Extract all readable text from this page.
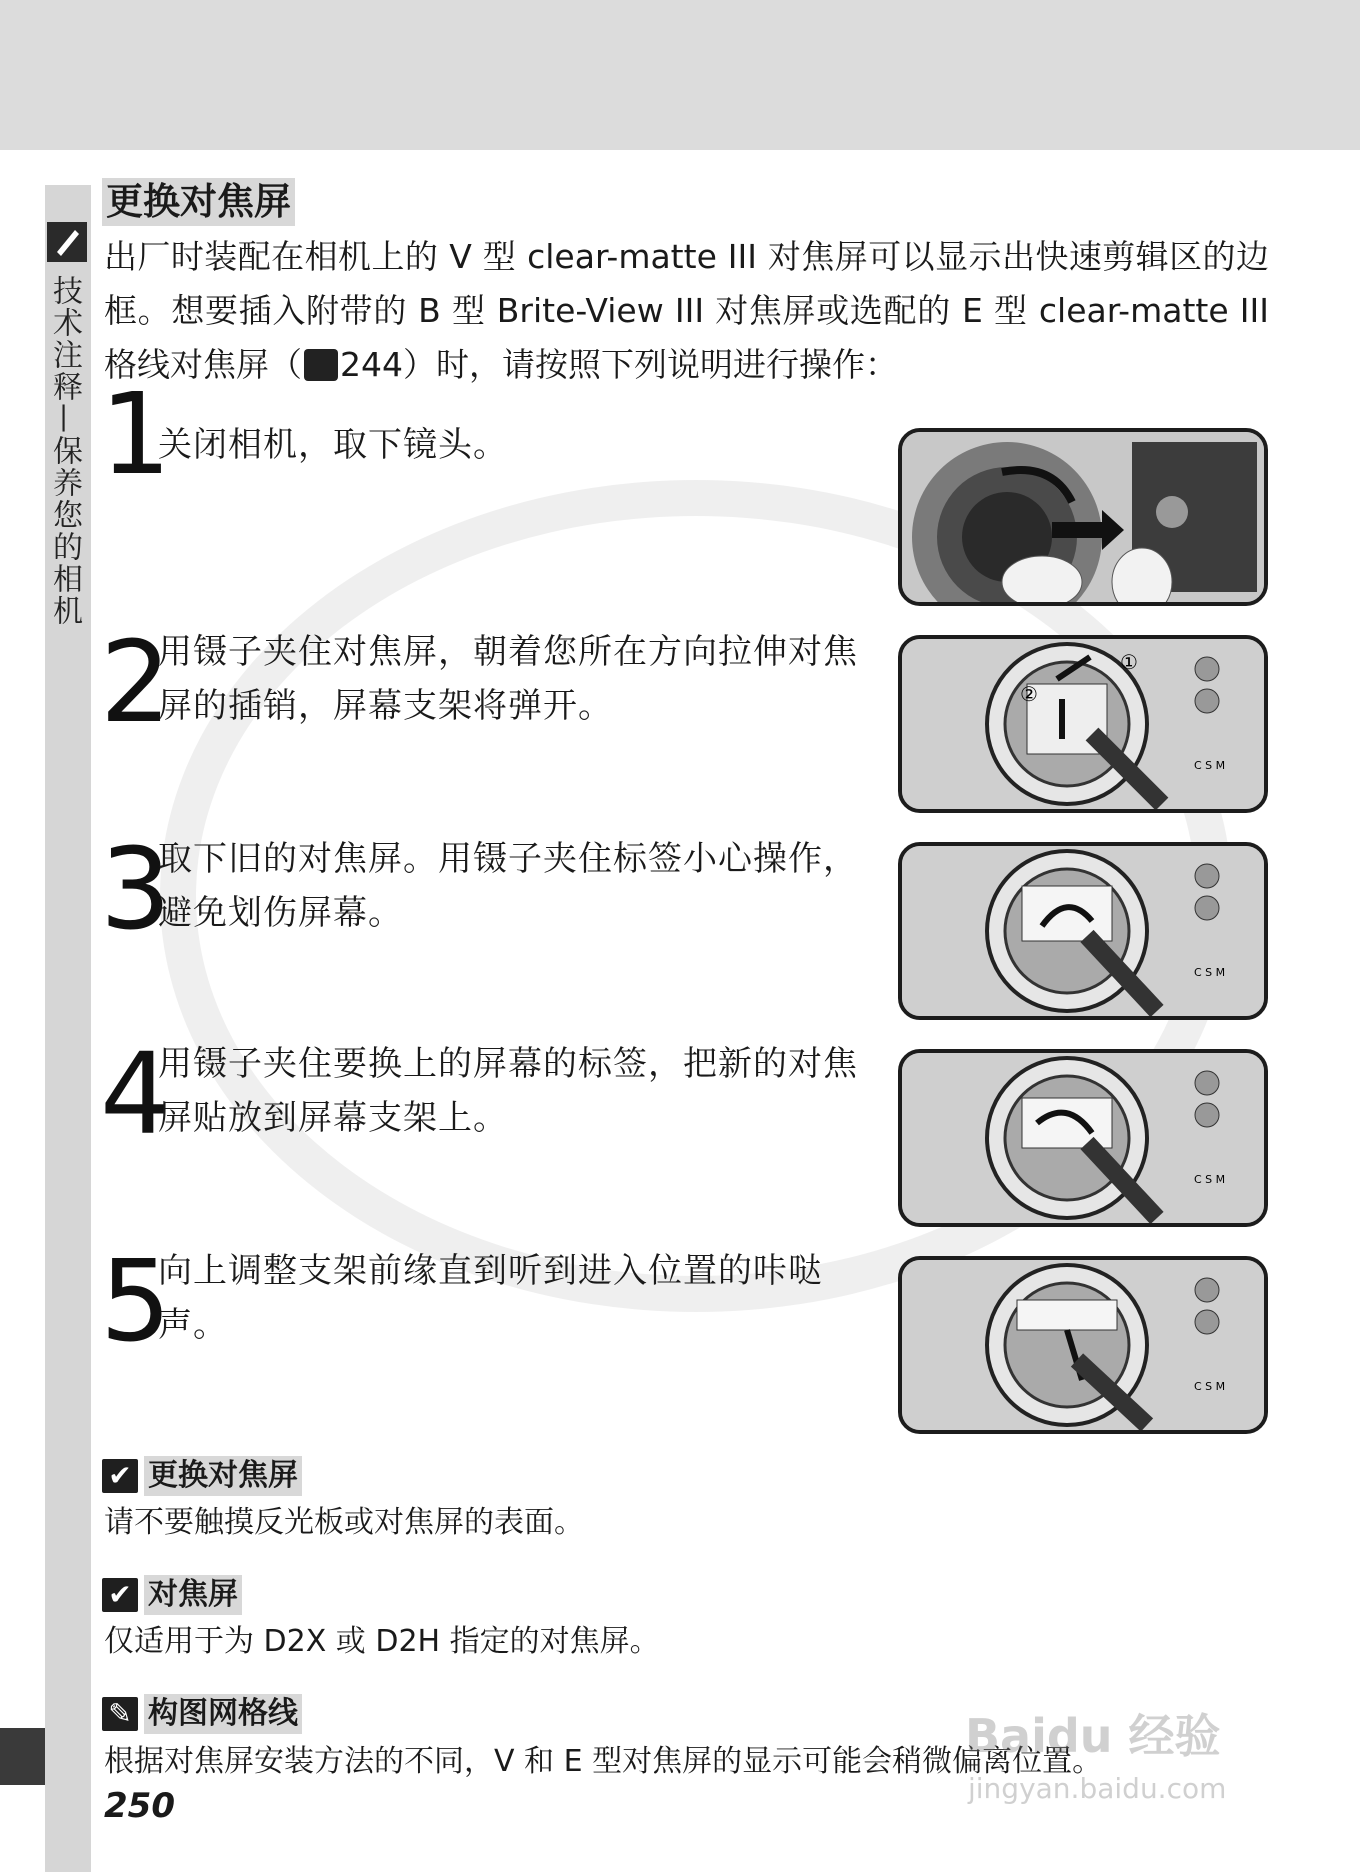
技术注释—保养您的相机
更换对焦屏
出厂时装配在相机上的 V 型 clear-matte III 对焦屏可以显示出快速剪辑区的边框。想要插入附带的 B 型 Brite-View III 对焦屏或选配的 E 型 clear-matte III 格线对焦屏（ 244）时，请按照下列说明进行操作：
1
关闭相机，取下镜头。
2
用镊子夹住对焦屏，朝着您所在方向拉伸对焦屏的插销，屏幕支架将弹开。
3
取下旧的对焦屏。用镊子夹住标签小心操作，避免划伤屏幕。
4
用镊子夹住要换上的屏幕的标签，把新的对焦屏贴放到屏幕支架上。
5
向上调整支架前缘直到听到进入位置的咔哒声。
①
②
C S M
C S M
C S M
C S M
✔ 更换对焦屏
请不要触摸反光板或对焦屏的表面。
✔ 对焦屏
仅适用于为 D2X 或 D2H 指定的对焦屏。
✎ 构图网格线
根据对焦屏安装方法的不同，V 和 E 型对焦屏的显示可能会稍微偏离位置。
250
Baidu 经验
jingyan.baidu.com
